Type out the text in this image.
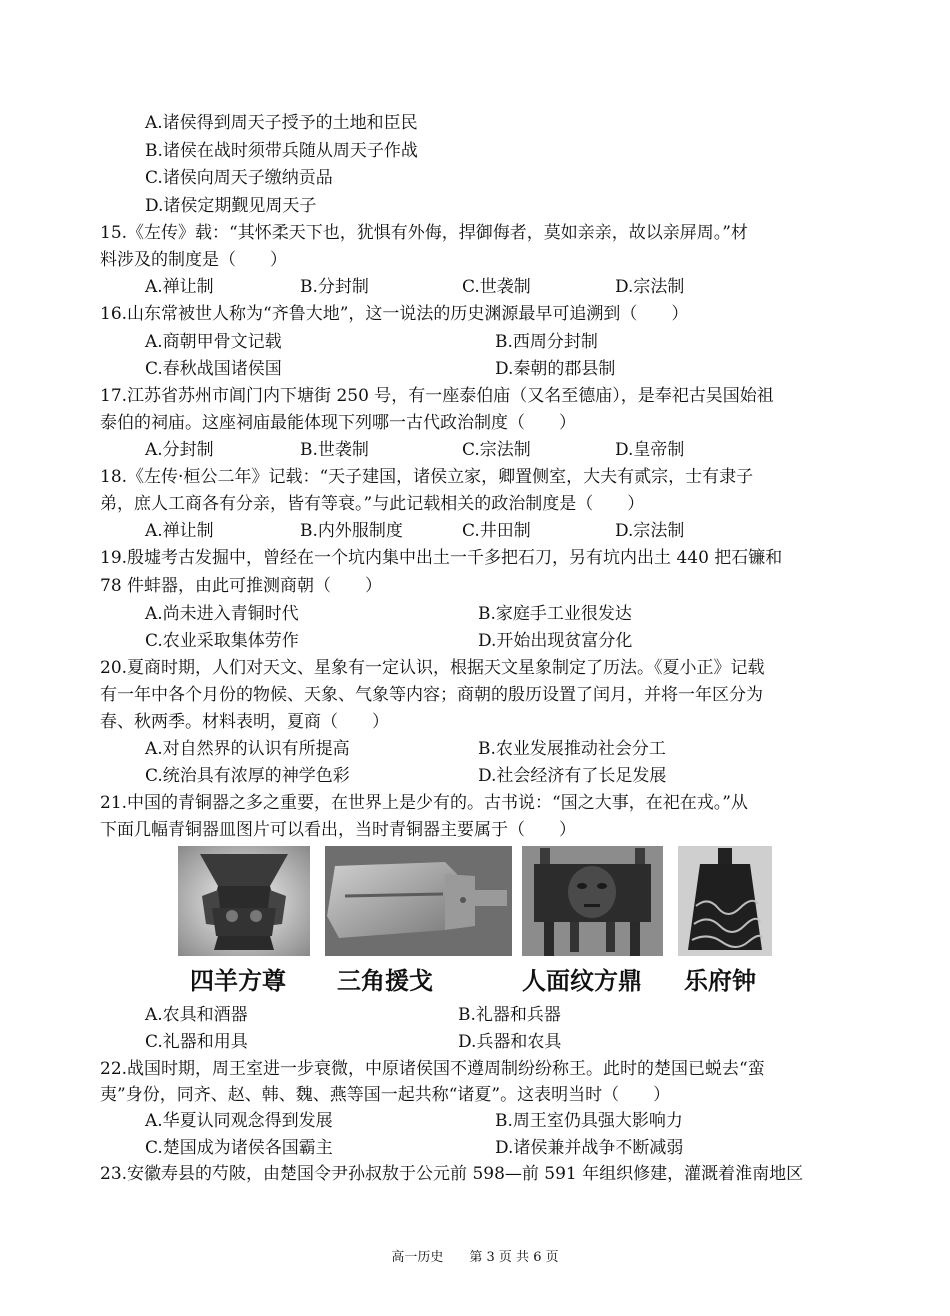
A.诸侯得到周天子授予的土地和臣民
B.诸侯在战时须带兵随从周天子作战
C.诸侯向周天子缴纳贡品
D.诸侯定期觐见周天子
15.《左传》载：“其怀柔天下也，犹惧有外侮，捍御侮者，莫如亲亲，故以亲屏周。”材
料涉及的制度是（　　）
A.禅让制	B.分封制	C.世袭制	D.宗法制
16.山东常被世人称为“齐鲁大地”，这一说法的历史渊源最早可追溯到（　　）
A.商朝甲骨文记载	B.西周分封制
C.春秋战国诸侯国	D.秦朝的郡县制
17.江苏省苏州市阊门内下塘街 250 号，有一座泰伯庙（又名至德庙），是奉祀古吴国始祖
泰伯的祠庙。这座祠庙最能体现下列哪一古代政治制度（　　）
A.分封制	B.世袭制	C.宗法制	D.皇帝制
18.《左传·桓公二年》记载：“天子建国，诸侯立家，卿置侧室，大夫有贰宗，士有隶子
弟，庶人工商各有分亲，皆有等衰。”与此记载相关的政治制度是（　　）
A.禅让制	B.内外服制度	C.井田制	D.宗法制
19.殷墟考古发掘中，曾经在一个坑内集中出土一千多把石刀，另有坑内出土 440 把石镰和
78 件蚌器，由此可推测商朝（　　）
A.尚未进入青铜时代	B.家庭手工业很发达
C.农业采取集体劳作	D.开始出现贫富分化
20.夏商时期，人们对天文、星象有一定认识，根据天文星象制定了历法。《夏小正》记载
有一年中各个月份的物候、天象、气象等内容；商朝的殷历设置了闰月，并将一年区分为
春、秋两季。材料表明，夏商（　　）
A.对自然界的认识有所提高	B.农业发展推动社会分工
C.统治具有浓厚的神学色彩	D.社会经济有了长足发展
21.中国的青铜器之多之重要，在世界上是少有的。古书说：“国之大事，在祀在戎。”从
下面几幅青铜器皿图片可以看出，当时青铜器主要属于（　　）
四羊方尊 三角援戈	人面纹方鼎 乐府钟
A.农具和酒器	B.礼器和兵器
C.礼器和用具	D.兵器和农具
22.战国时期，周王室进一步衰微，中原诸侯国不遵周制纷纷称王。此时的楚国已蜕去“蛮
夷”身份，同齐、赵、韩、魏、燕等国一起共称“诸夏”。这表明当时（　　）
A.华夏认同观念得到发展	B.周王室仍具强大影响力
C.楚国成为诸侯各国霸主	D.诸侯兼并战争不断减弱
23.安徽寿县的芍陂，由楚国令尹孙叔敖于公元前 598—前 591 年组织修建，灌溉着淮南地区
高一历史　　第 3 页 共 6 页
